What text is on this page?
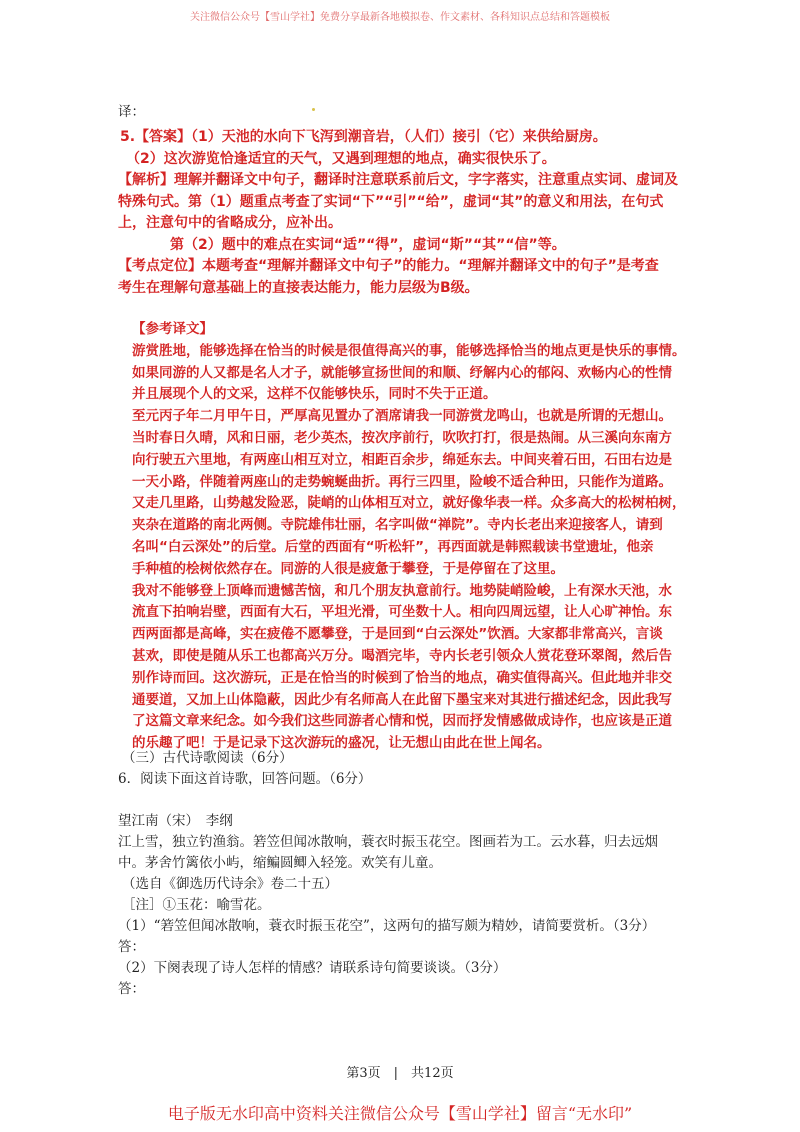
关注微信公众号【雪山学社】免费分享最新各地模拟卷、作文素材、各科知识点总结和答题模板
译：

5.【答案】（1）天池的水向下飞泻到潮音岩，（人们）接引（它）来供给厨房。

（2）这次游览恰逢适宜的天气，又遇到理想的地点，确实很快乐了。

【解析】理解并翻译文中句子，翻译时注意联系前后文，字字落实，注意重点实词、虚词及

特殊句式。第（1）题重点考查了实词“下”“引”“给”，虚词“其”的意义和用法，在句式

上，注意句中的省略成分，应补出。

第（2）题中的难点在实词“适”“得”，虚词“斯”“其”“信”等。

【考点定位】本题考查“理解并翻译文中句子”的能力。“理解并翻译文中的句子”是考查

考生在理解句意基础上的直接表达能力，能力层级为B级。

【参考译文】

游赏胜地，能够选择在恰当的时候是很值得高兴的事，能够选择恰当的地点更是快乐的事情。

如果同游的人又都是名人才子，就能够宣扬世间的和顺、纾解内心的郁闷、欢畅内心的性情

并且展现个人的文采，这样不仅能够快乐，同时不失于正道。

至元丙子年二月甲午日，严厚高见置办了酒席请我一同游赏龙鸣山，也就是所谓的无想山。

当时春日久晴，风和日丽，老少英杰，按次序前行，吹吹打打，很是热闹。从三溪向东南方

向行驶五六里地，有两座山相互对立，相距百余步，绵延东去。中间夹着石田，石田右边是

一天小路，伴随着两座山的走势蜿蜒曲折。再行三四里，险峻不适合种田，只能作为道路。

又走几里路，山势越发险恶，陡峭的山体相互对立，就好像华表一样。众多高大的松树柏树，

夹杂在道路的南北两侧。寺院雄伟壮丽，名字叫做“禅院”。寺内长老出来迎接客人，请到

名叫“白云深处”的后堂。后堂的西面有“听松轩”，再西面就是韩熙载读书堂遗址，他亲

手种植的桧树依然存在。同游的人很是疲惫于攀登，于是停留在了这里。

我对不能够登上顶峰而遗憾苦恼，和几个朋友执意前行。地势陡峭险峻，上有深水天池，水

流直下拍响岩壁，西面有大石，平坦光滑，可坐数十人。相向四周远望，让人心旷神怡。东

西两面都是高峰，实在疲倦不愿攀登，于是回到“白云深处”饮酒。大家都非常高兴，言谈

甚欢，即使是随从乐工也都高兴万分。喝酒完毕，寺内长老引领众人赏花登环翠阁，然后告

别作诗而回。这次游玩，正是在恰当的时候到了恰当的地点，确实值得高兴。但此地并非交

通要道，又加上山体隐蔽，因此少有名师高人在此留下墨宝来对其进行描述纪念，因此我写

了这篇文章来纪念。如今我们这些同游者心情和悦，因而抒发情感做成诗作，也应该是正道

的乐趣了吧！于是记录下这次游玩的盛况，让无想山由此在世上闻名。

（三）古代诗歌阅读（6分）

6．阅读下面这首诗歌，回答问题。（6分）

望江南（宋）　李纲

江上雪，独立钓渔翁。箬笠但闻冰散响，蓑衣时振玉花空。图画若为工。云水暮，归去远烟

中。茅舍竹篱依小屿，缩鳊圆鲫入轻笼。欢笑有儿童。

（选自《御选历代诗余》卷二十五）

［注］①玉花：喻雪花。

（1）“箬笠但闻冰散响，蓑衣时振玉花空”，这两句的描写颇为精妙，请简要赏析。（3分）

答：

（2）下阕表现了诗人怎样的情感？请联系诗句简要谈谈。（3分）

答：

第3页　|　共12页
电子版无水印高中资料关注微信公众号【雪山学社】留言“无水印”
